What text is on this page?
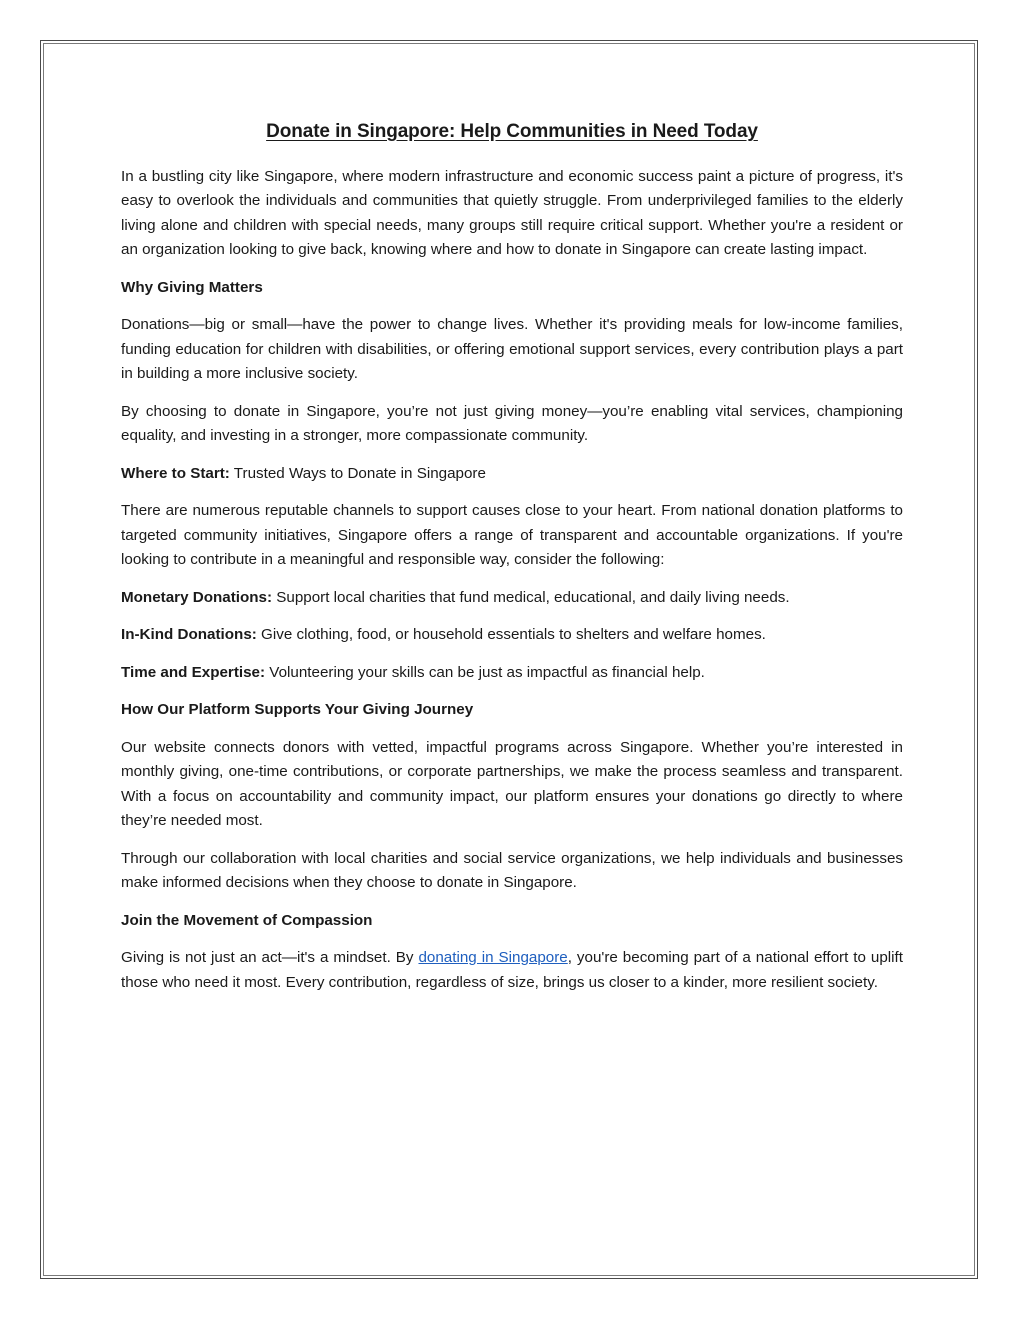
Donate in Singapore: Help Communities in Need Today

In a bustling city like Singapore, where modern infrastructure and economic success paint a picture of progress, it's easy to overlook the individuals and communities that quietly struggle. From underprivileged families to the elderly living alone and children with special needs, many groups still require critical support. Whether you're a resident or an organization looking to give back, knowing where and how to donate in Singapore can create lasting impact.

Why Giving Matters

Donations—big or small—have the power to change lives. Whether it's providing meals for low-income families, funding education for children with disabilities, or offering emotional support services, every contribution plays a part in building a more inclusive society.

By choosing to donate in Singapore, you’re not just giving money—you’re enabling vital services, championing equality, and investing in a stronger, more compassionate community.

Where to Start: Trusted Ways to Donate in Singapore

There are numerous reputable channels to support causes close to your heart. From national donation platforms to targeted community initiatives, Singapore offers a range of transparent and accountable organizations. If you're looking to contribute in a meaningful and responsible way, consider the following:

Monetary Donations: Support local charities that fund medical, educational, and daily living needs.

In-Kind Donations: Give clothing, food, or household essentials to shelters and welfare homes.

Time and Expertise: Volunteering your skills can be just as impactful as financial help.

How Our Platform Supports Your Giving Journey

Our website connects donors with vetted, impactful programs across Singapore. Whether you’re interested in monthly giving, one-time contributions, or corporate partnerships, we make the process seamless and transparent. With a focus on accountability and community impact, our platform ensures your donations go directly to where they’re needed most.

Through our collaboration with local charities and social service organizations, we help individuals and businesses make informed decisions when they choose to donate in Singapore.

Join the Movement of Compassion

Giving is not just an act—it's a mindset. By donating in Singapore, you're becoming part of a national effort to uplift those who need it most. Every contribution, regardless of size, brings us closer to a kinder, more resilient society.
